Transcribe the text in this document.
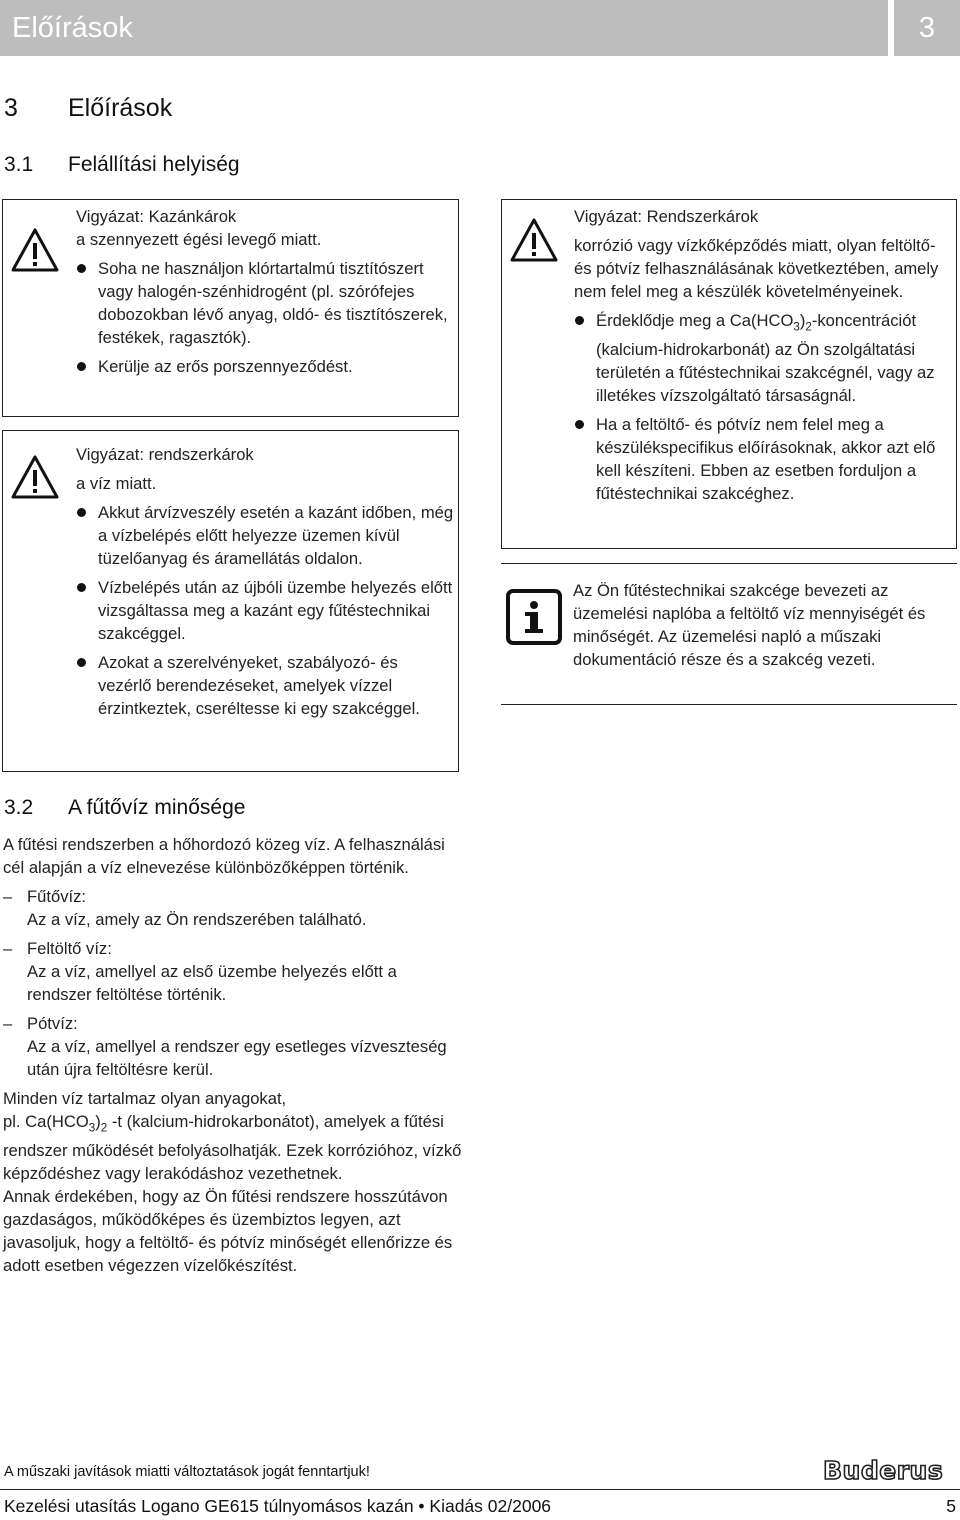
Előírások	3
3 Előírások
3.1 Felállítási helyiség

Vigyázat: Kazánkárok

a szennyezett égési levegő miatt.

Soha ne használjon klórtartalmú tisztítószert vagy halogén-szénhidrogént (pl. szórófejes dobozokban lévő anyag, oldó- és tisztítószerek, festékek, ragasztók).
Kerülje az erős porszennyeződést.

Vigyázat: rendszerkárok

a víz miatt.

Akkut árvízveszély esetén a kazánt időben, még a vízbelépés előtt helyezze üzemen kívül tüzelőanyag és áramellátás oldalon.
Vízbelépés után az újbóli üzembe helyezés előtt vizsgáltassa meg a kazánt egy fűtéstechnikai szakcéggel.
Azokat a szerelvényeket, szabályozó- és vezérlő berendezéseket, amelyek vízzel érzintkeztek, cseréltesse ki egy szakcéggel.

Vigyázat: Rendszerkárok

korrózió vagy vízkőképződés miatt, olyan feltöltő- és pótvíz felhasználásának következtében, amely nem felel meg a készülék követelményeinek.

Érdeklődje meg a $Ca(HCO_3)_2$-koncentrációt (kalcium-hidrokarbonát) az Ön szolgáltatási területén a fűtéstechnikai szakcégnél, vagy az illetékes vízszolgáltató társaságnál.
Ha a feltöltő- és pótvíz nem felel meg a készülékspecifikus előírásoknak, akkor azt elő kell készíteni. Ebben az esetben forduljon a fűtéstechnikai szakcéghez.
Az Ön fűtéstechnikai szakcége bevezeti az üzemelési naplóba a feltöltő víz mennyiségét és minőségét. Az üzemelési napló a műszaki dokumentáció része és a szakcég vezeti.
3.2 A fűtővíz minősége

A fűtési rendszerben a hőhordozó közeg víz. A felhasználási cél alapján a víz elnevezése különbözőképpen történik.

– Fűtővíz:
Az a víz, amely az Ön rendszerében található.
– Feltöltő víz:
Az a víz, amellyel az első üzembe helyezés előtt a rendszer feltöltése történik.
– Pótvíz:
Az a víz, amellyel a rendszer egy esetleges vízveszteség után újra feltöltésre kerül.

Minden víz tartalmaz olyan anyagokat,
pl. $Ca(HCO_3)_2$ -t (kalcium-hidrokarbonátot), amelyek a fűtési rendszer működését befolyásolhatják. Ezek korrózióhoz, vízkő képződéshez vagy lerakódáshoz vezethetnek.

Annak érdekében, hogy az Ön fűtési rendszere hosszútávon gazdaságos, működőképes és üzembiztos legyen, azt javasoljuk, hogy a feltöltő- és pótvíz minőségét ellenőrizze és adott esetben végezzen vízelőkészítést.

A műszaki javítások miatti változtatások jogát fenntartjuk!	Buderus
Kezelési utasítás Logano GE615 túlnyomásos kazán • Kiadás 02/2006	5
